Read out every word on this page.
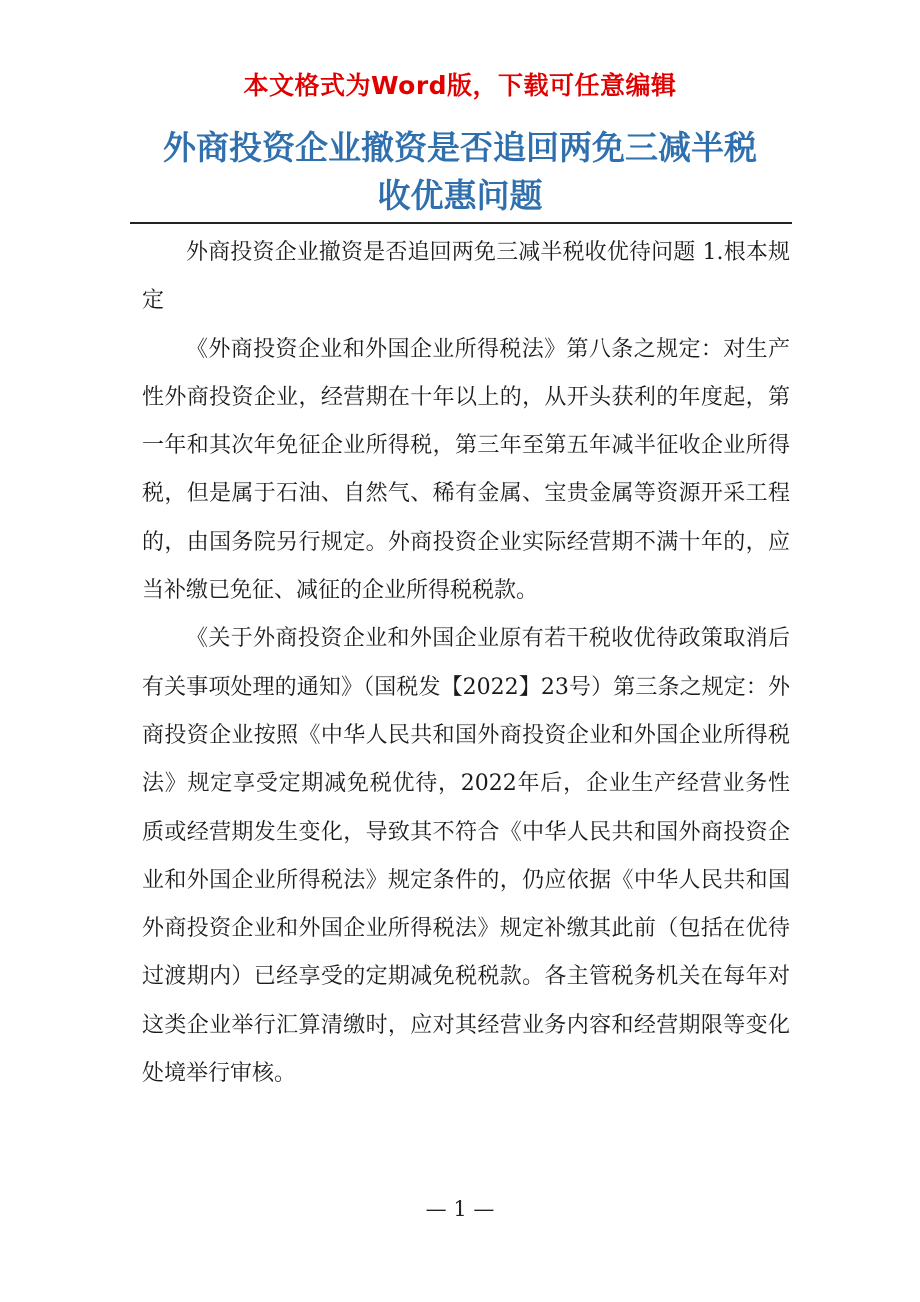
本文格式为Word版，下载可任意编辑
外商投资企业撤资是否追回两免三减半税
收优惠问题

外商投资企业撤资是否追回两免三减半税收优待问题 1.根本规定

《外商投资企业和外国企业所得税法》第八条之规定：对生产性外商投资企业，经营期在十年以上的，从开头获利的年度起，第一年和其次年免征企业所得税，第三年至第五年减半征收企业所得税，但是属于石油、自然气、稀有金属、宝贵金属等资源开采工程的，由国务院另行规定。外商投资企业实际经营期不满十年的，应当补缴已免征、减征的企业所得税税款。

《关于外商投资企业和外国企业原有若干税收优待政策取消后有关事项处理的通知》（国税发【2022】23号）第三条之规定：外商投资企业按照《中华人民共和国外商投资企业和外国企业所得税法》规定享受定期减免税优待，2022年后，企业生产经营业务性质或经营期发生变化，导致其不符合《中华人民共和国外商投资企业和外国企业所得税法》规定条件的，仍应依据《中华人民共和国外商投资企业和外国企业所得税法》规定补缴其此前（包括在优待过渡期内）已经享受的定期减免税税款。各主管税务机关在每年对这类企业举行汇算清缴时，应对其经营业务内容和经营期限等变化处境举行审核。

— 1 —
